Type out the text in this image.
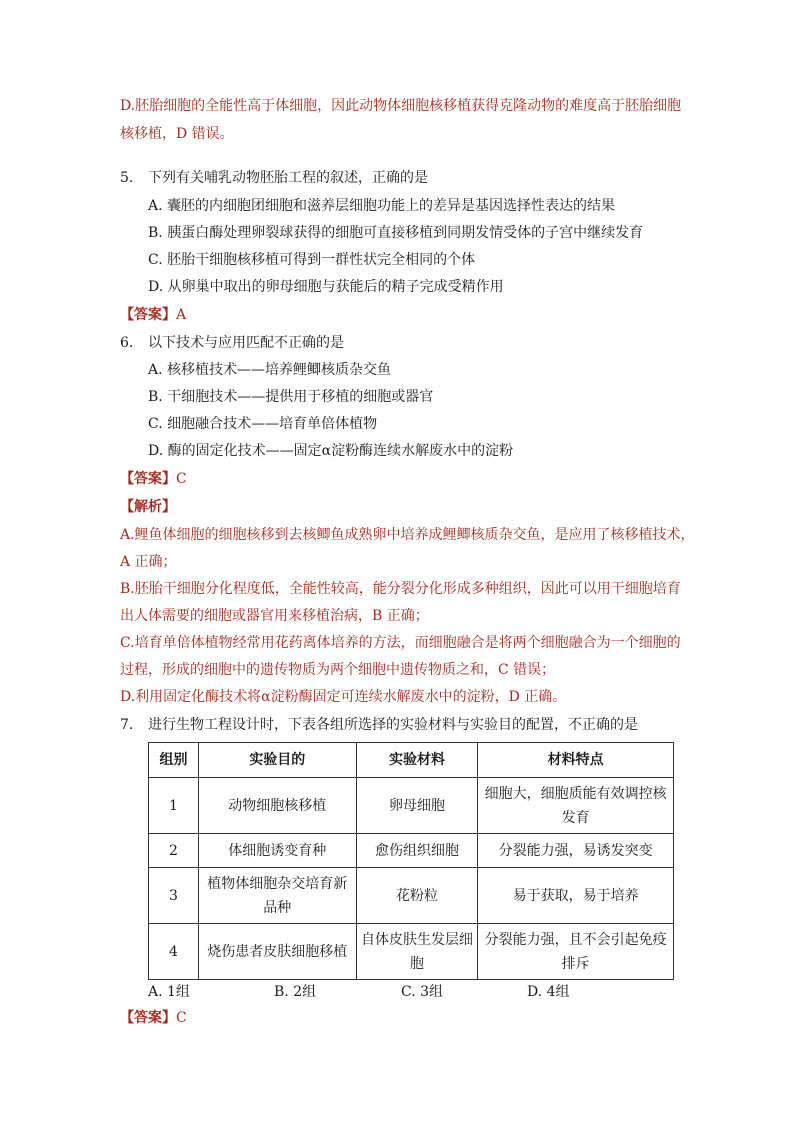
D.胚胎细胞的全能性高于体细胞，因此动物体细胞核移植获得克隆动物的难度高于胚胎细胞
核移植，D 错误。
5. 下列有关哺乳动物胚胎工程的叙述，正确的是
A. 囊胚的内细胞团细胞和滋养层细胞功能上的差异是基因选择性表达的结果
B. 胰蛋白酶处理卵裂球获得的细胞可直接移植到同期发情受体的子宫中继续发育
C. 胚胎干细胞核移植可得到一群性状完全相同的个体
D. 从卵巢中取出的卵母细胞与获能后的精子完成受精作用
【答案】A
6. 以下技术与应用匹配不正确的是
A. 核移植技术——培养鲤鲫核质杂交鱼
B. 干细胞技术——提供用于移植的细胞或器官
C. 细胞融合技术——培育单倍体植物
D. 酶的固定化技术——固定α淀粉酶连续水解废水中的淀粉
【答案】C
【解析】
A.鲤鱼体细胞的细胞核移到去核鲫鱼成熟卵中培养成鲤鲫核质杂交鱼，是应用了核移植技术，
A 正确；
B.胚胎干细胞分化程度低，全能性较高，能分裂分化形成多种组织，因此可以用干细胞培育
出人体需要的细胞或器官用来移植治病，B 正确；
C.培育单倍体植物经常用花药离体培养的方法，而细胞融合是将两个细胞融合为一个细胞的
过程，形成的细胞中的遗传物质为两个细胞中遗传物质之和，C 错误；
D.利用固定化酶技术将α淀粉酶固定可连续水解废水中的淀粉，D 正确。
7. 进行生物工程设计时，下表各组所选择的实验材料与实验目的配置，不正确的是
组别	实验目的	实验材料	材料特点
1	动物细胞核移植	卵母细胞	细胞大，细胞质能有效调控核发育
2	体细胞诱变育种	愈伤组织细胞	分裂能力强，易诱发突变
3	植物体细胞杂交培育新品种	花粉粒	易于获取，易于培养
4	烧伤患者皮肤细胞移植	自体皮肤生发层细胞	分裂能力强，且不会引起免疫排斥
A. 1组	B. 2组	C. 3组	D. 4组
【答案】C
